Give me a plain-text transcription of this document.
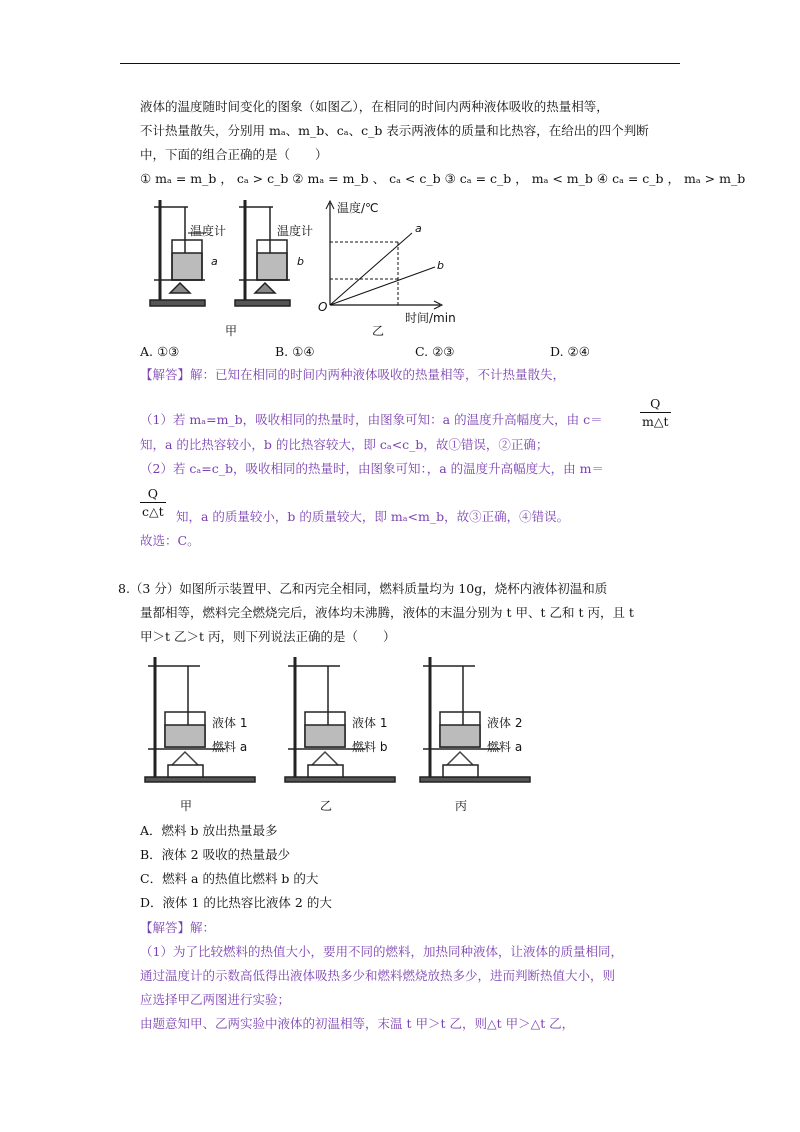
液体的温度随时间变化的图象（如图乙），在相同的时间内两种液体吸收的热量相等，
不计热量散失，分别用 mₐ、m_b、cₐ、c_b 表示两液体的质量和比热容，在给出的四个判断
中，下面的组合正确的是（　　）
① mₐ = m_b ， cₐ > c_b ② mₐ = m_b 、 cₐ < c_b ③ cₐ = c_b ， mₐ < m_b ④ cₐ = c_b ， mₐ > m_b
温度计
a
甲
温度计
b
温度/℃
时间/min
O
a
b
乙
A. ①③	B. ①④	C. ②③	D. ②④
【解答】解：已知在相同的时间内两种液体吸收的热量相等，不计热量散失，
（1）若 mₐ=m_b，吸收相同的热量时，由图象可知：a 的温度升高幅度大，由 c＝
Q
m△t
知，a 的比热容较小，b 的比热容较大，即 cₐ<c_b，故①错误，②正确；
（2）若 cₐ=c_b，吸收相同的热量时，由图象可知：，a 的温度升高幅度大，由 m＝
Q
c△t 知，a 的质量较小，b 的质量较大，即 mₐ<m_b，故③正确，④错误。
故选：C。
8.（3 分）如图所示装置甲、乙和丙完全相同，燃料质量均为 10g，烧杯内液体初温和质
量都相等，燃料完全燃烧完后，液体均未沸腾，液体的末温分别为 t 甲、t 乙和 t 丙，且 t
甲＞t 乙＞t 丙，则下列说法正确的是（　　）
液体 1
燃料 a
甲
液体 1
燃料 b
乙
液体 2
燃料 a
丙
A．燃料 b 放出热量最多
B．液体 2 吸收的热量最少
C．燃料 a 的热值比燃料 b 的大
D．液体 1 的比热容比液体 2 的大
【解答】解：
（1）为了比较燃料的热值大小，要用不同的燃料，加热同种液体，让液体的质量相同，
通过温度计的示数高低得出液体吸热多少和燃料燃烧放热多少，进而判断热值大小，则
应选择甲乙两图进行实验；
由题意知甲、乙两实验中液体的初温相等，末温 t 甲＞t 乙，则△t 甲＞△t 乙，
